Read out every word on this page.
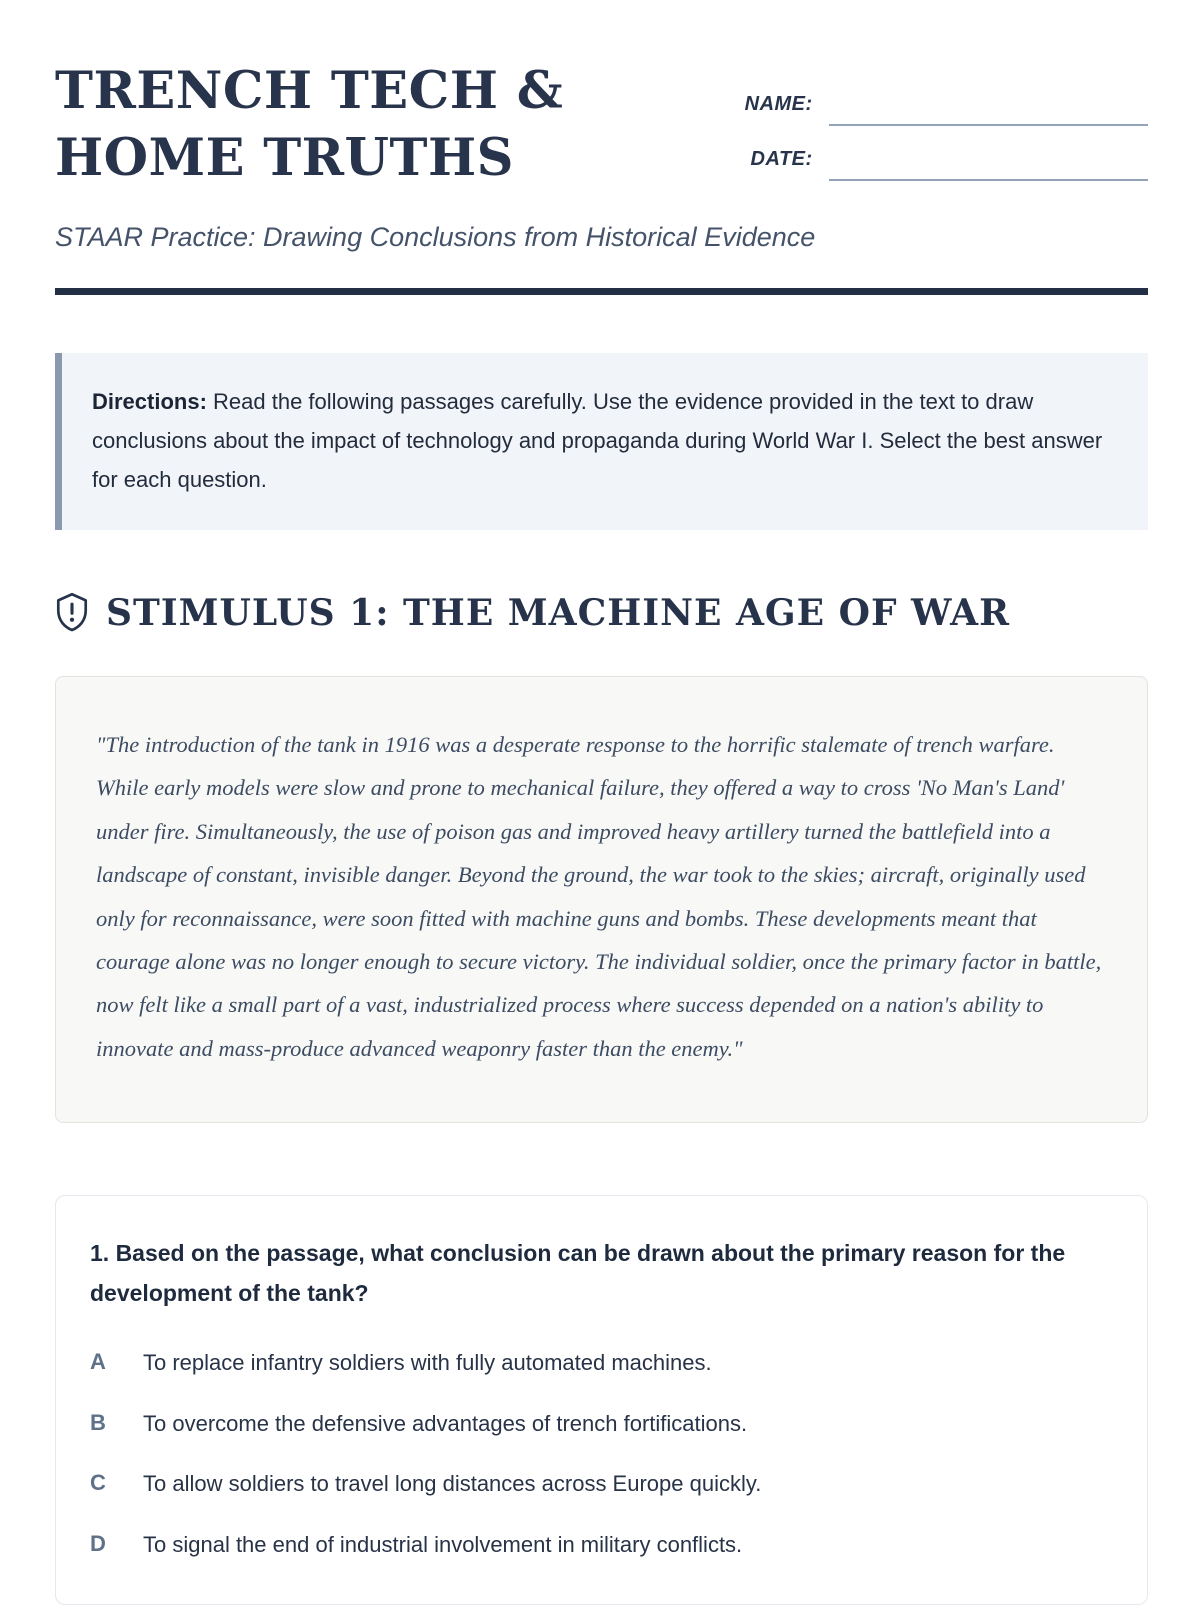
TRENCH TECH & HOME TRUTHS
NAME:
DATE:
STAAR Practice: Drawing Conclusions from Historical Evidence
Directions: Read the following passages carefully. Use the evidence provided in the text to draw conclusions about the impact of technology and propaganda during World War I. Select the best answer for each question.
STIMULUS 1: THE MACHINE AGE OF WAR
"The introduction of the tank in 1916 was a desperate response to the horrific stalemate of trench warfare. While early models were slow and prone to mechanical failure, they offered a way to cross 'No Man's Land' under fire. Simultaneously, the use of poison gas and improved heavy artillery turned the battlefield into a landscape of constant, invisible danger. Beyond the ground, the war took to the skies; aircraft, originally used only for reconnaissance, were soon fitted with machine guns and bombs. These developments meant that courage alone was no longer enough to secure victory. The individual soldier, once the primary factor in battle, now felt like a small part of a vast, industrialized process where success depended on a nation's ability to innovate and mass-produce advanced weaponry faster than the enemy."
1. Based on the passage, what conclusion can be drawn about the primary reason for the development of the tank?
A	To replace infantry soldiers with fully automated machines.
B	To overcome the defensive advantages of trench fortifications.
C	To allow soldiers to travel long distances across Europe quickly.
D	To signal the end of industrial involvement in military conflicts.
